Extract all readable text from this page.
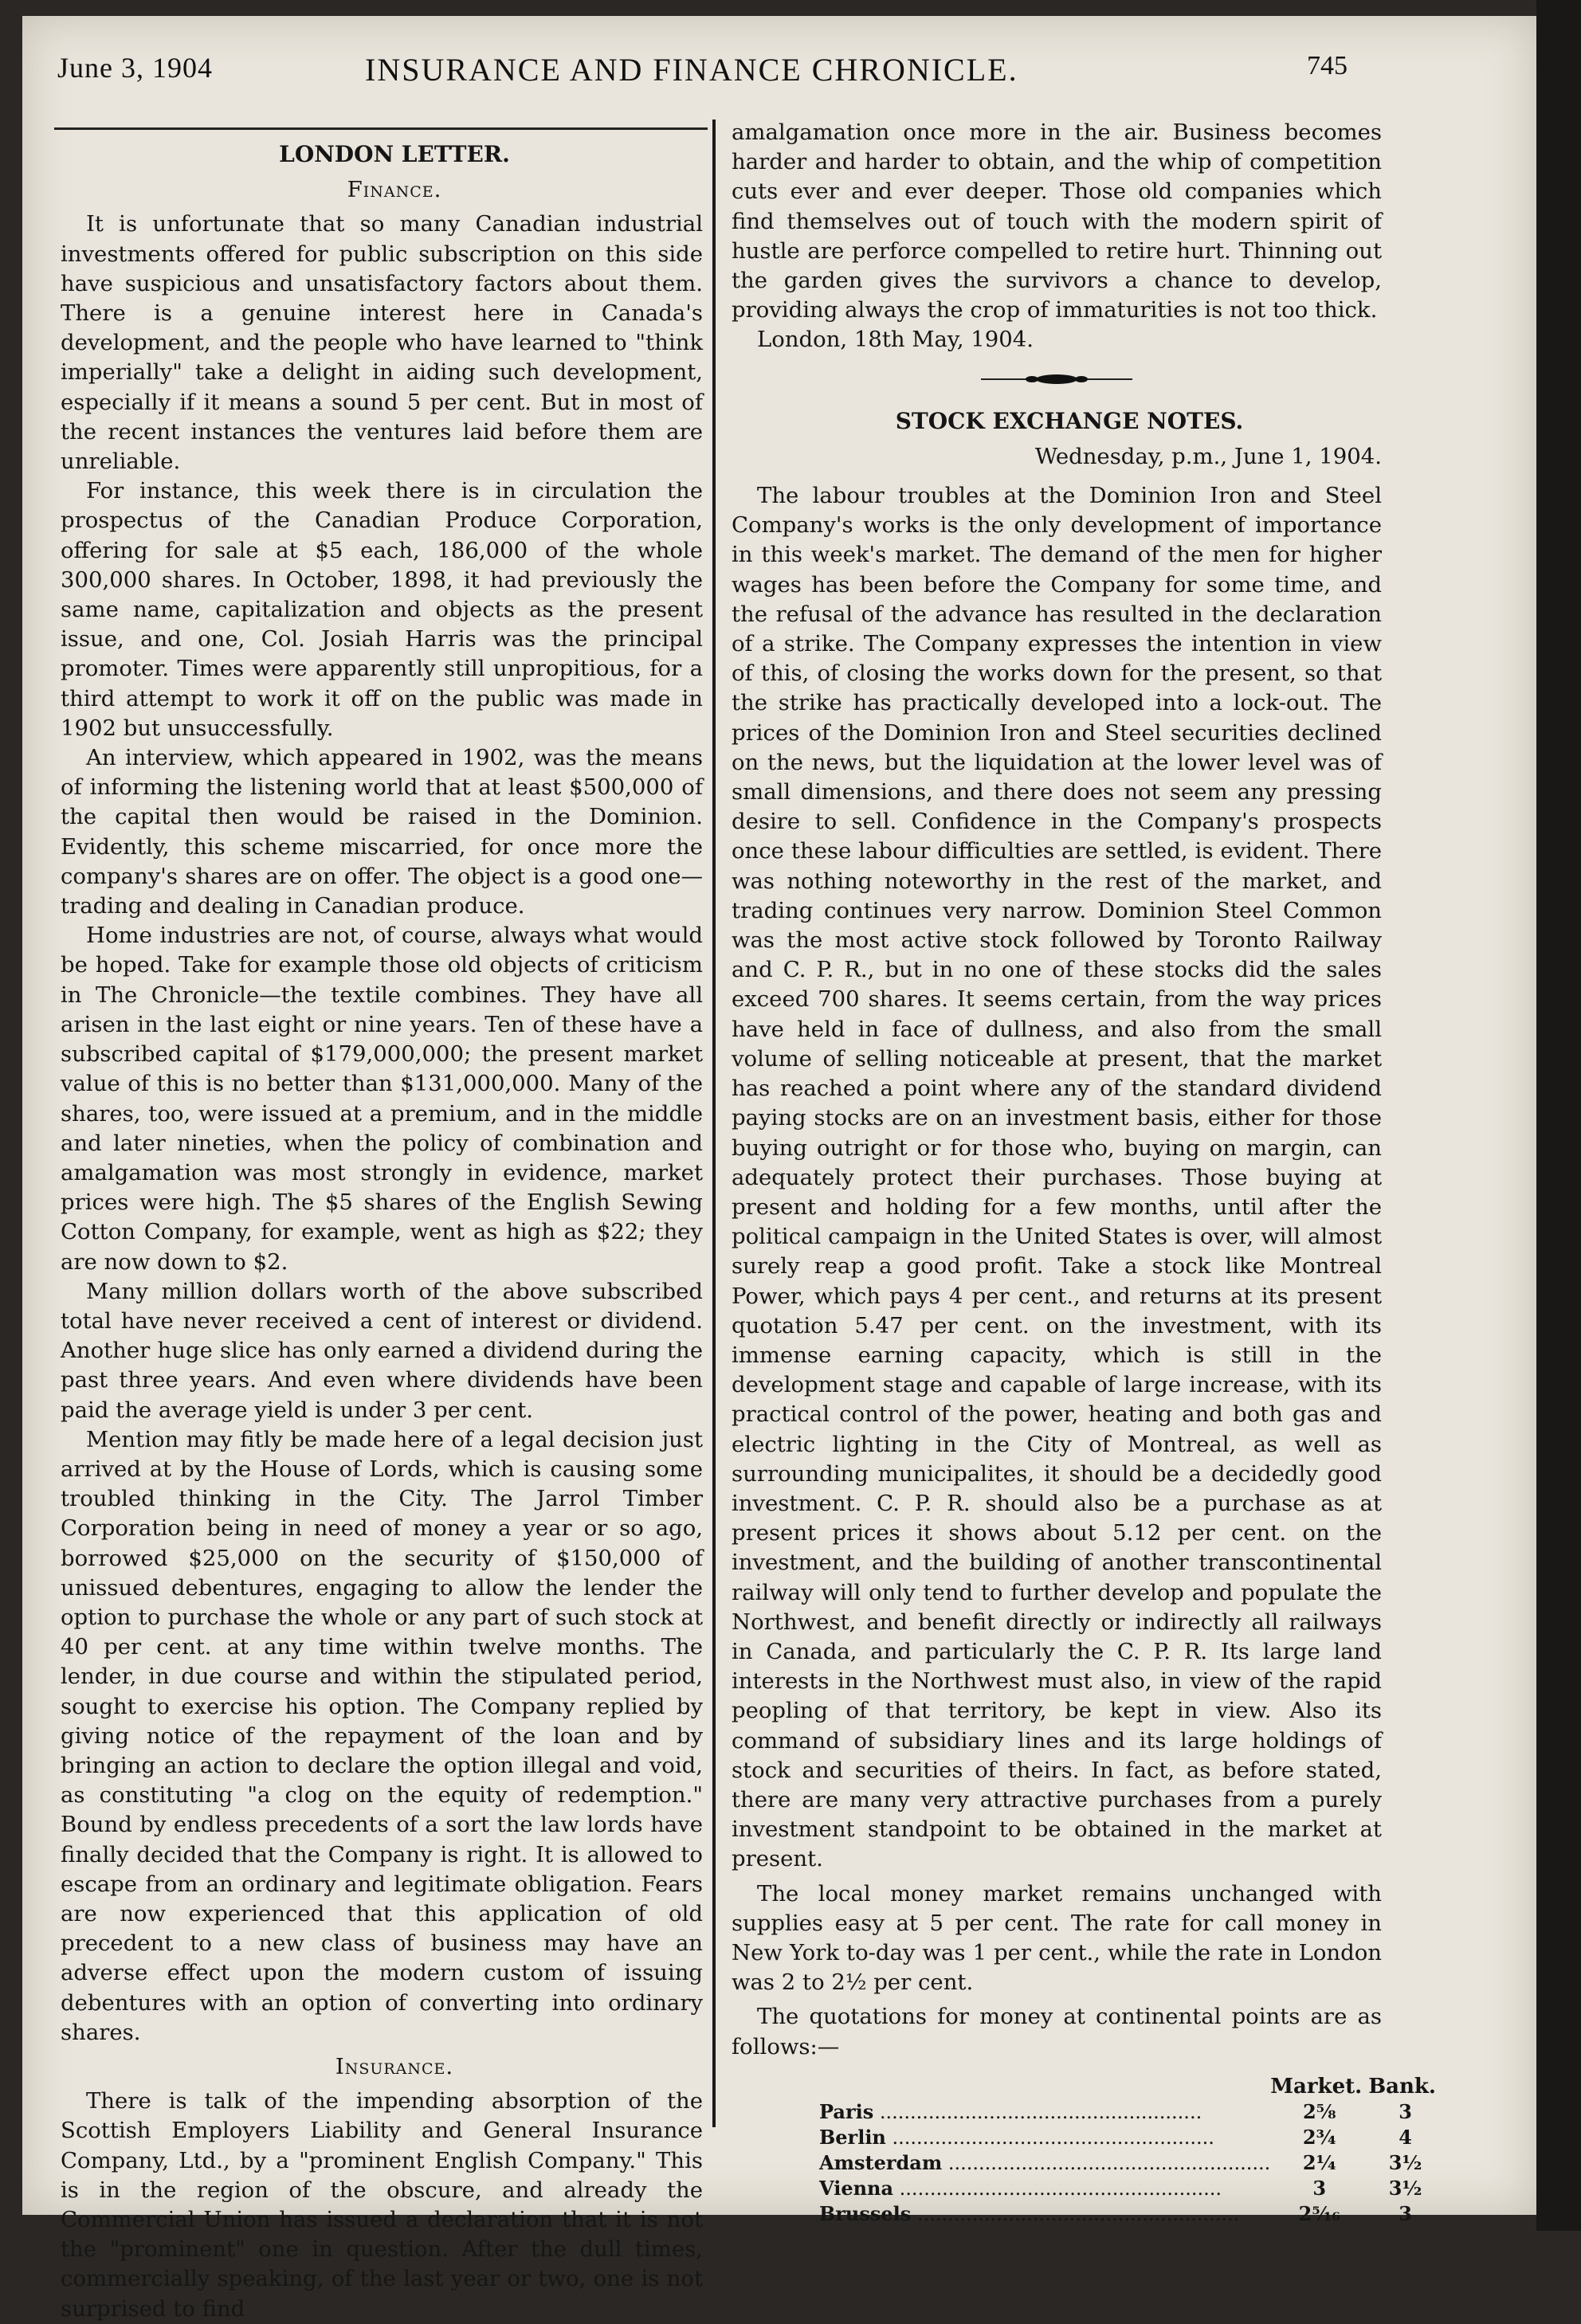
June 3, 1904	INSURANCE AND FINANCE CHRONICLE.	745

LONDON LETTER.

Finance.

It is unfortunate that so many Canadian industrial investments offered for public subscription on this side have suspicious and unsatisfactory factors about them. There is a genuine interest here in Canada's development, and the people who have learned to "think imperially" take a delight in aiding such development, especially if it means a sound 5 per cent. But in most of the recent instances the ventures laid before them are unreliable.

For instance, this week there is in circulation the prospectus of the Canadian Produce Corporation, offering for sale at $5 each, 186,000 of the whole 300,000 shares. In October, 1898, it had previously the same name, capitalization and objects as the present issue, and one, Col. Josiah Harris was the principal promoter. Times were apparently still unpropitious, for a third attempt to work it off on the public was made in 1902 but unsuccessfully.

An interview, which appeared in 1902, was the means of informing the listening world that at least $500,000 of the capital then would be raised in the Dominion. Evidently, this scheme miscarried, for once more the company's shares are on offer. The object is a good one—trading and dealing in Canadian produce.

Home industries are not, of course, always what would be hoped. Take for example those old objects of criticism in The Chronicle—the textile combines. They have all arisen in the last eight or nine years. Ten of these have a subscribed capital of $179,000,000; the present market value of this is no better than $131,000,000. Many of the shares, too, were issued at a premium, and in the middle and later nineties, when the policy of combination and amalgamation was most strongly in evidence, market prices were high. The $5 shares of the English Sewing Cotton Company, for example, went as high as $22; they are now down to $2.

Many million dollars worth of the above subscribed total have never received a cent of interest or dividend. Another huge slice has only earned a dividend during the past three years. And even where dividends have been paid the average yield is under 3 per cent.

Mention may fitly be made here of a legal decision just arrived at by the House of Lords, which is causing some troubled thinking in the City. The Jarrol Timber Corporation being in need of money a year or so ago, borrowed $25,000 on the security of $150,000 of unissued debentures, engaging to allow the lender the option to purchase the whole or any part of such stock at 40 per cent. at any time within twelve months. The lender, in due course and within the stipulated period, sought to exercise his option. The Company replied by giving notice of the repayment of the loan and by bringing an action to declare the option illegal and void, as constituting "a clog on the equity of redemption." Bound by endless precedents of a sort the law lords have finally decided that the Company is right. It is allowed to escape from an ordinary and legitimate obligation. Fears are now experienced that this application of old precedent to a new class of business may have an adverse effect upon the modern custom of issuing debentures with an option of converting into ordinary shares.

Insurance.

There is talk of the impending absorption of the Scottish Employers Liability and General Insurance Company, Ltd., by a "prominent English Company." This is in the region of the obscure, and already the Commercial Union has issued a declaration that it is not the "prominent" one in question. After the dull times, commercially speaking, of the last year or two, one is not surprised to find

amalgamation once more in the air. Business becomes harder and harder to obtain, and the whip of competition cuts ever and ever deeper. Those old companies which find themselves out of touch with the modern spirit of hustle are perforce compelled to retire hurt. Thinning out the garden gives the survivors a chance to develop, providing always the crop of immaturities is not too thick.

London, 18th May, 1904.

STOCK EXCHANGE NOTES.

Wednesday, p.m., June 1, 1904.

The labour troubles at the Dominion Iron and Steel Company's works is the only development of importance in this week's market. The demand of the men for higher wages has been before the Company for some time, and the refusal of the advance has resulted in the declaration of a strike. The Company expresses the intention in view of this, of closing the works down for the present, so that the strike has practically developed into a lock-out. The prices of the Dominion Iron and Steel securities declined on the news, but the liquidation at the lower level was of small dimensions, and there does not seem any pressing desire to sell. Confidence in the Company's prospects once these labour difficulties are settled, is evident. There was nothing noteworthy in the rest of the market, and trading continues very narrow. Dominion Steel Common was the most active stock followed by Toronto Railway and C. P. R., but in no one of these stocks did the sales exceed 700 shares. It seems certain, from the way prices have held in face of dullness, and also from the small volume of selling noticeable at present, that the market has reached a point where any of the standard dividend paying stocks are on an investment basis, either for those buying outright or for those who, buying on margin, can adequately protect their purchases. Those buying at present and holding for a few months, until after the political campaign in the United States is over, will almost surely reap a good profit. Take a stock like Montreal Power, which pays 4 per cent., and returns at its present quotation 5.47 per cent. on the investment, with its immense earning capacity, which is still in the development stage and capable of large increase, with its practical control of the power, heating and both gas and electric lighting in the City of Montreal, as well as surrounding municipalites, it should be a decidedly good investment. C. P. R. should also be a purchase as at present prices it shows about 5.12 per cent. on the investment, and the building of another transcontinental railway will only tend to further develop and populate the Northwest, and benefit directly or indirectly all railways in Canada, and particularly the C. P. R. Its large land interests in the Northwest must also, in view of the rapid peopling of that territory, be kept in view. Also its command of subsidiary lines and its large holdings of stock and securities of theirs. In fact, as before stated, there are many very attractive purchases from a purely investment standpoint to be obtained in the market at present.

The local money market remains unchanged with supplies easy at 5 per cent. The rate for call money in New York to-day was 1 per cent., while the rate in London was 2 to 2½ per cent.

The quotations for money at continental points are as follows:—

	Market.	Bank.
Paris .....	2⅝	3
Berlin .....	2¾	4
Amsterdam .....	2¼	3½
Vienna .....	3	3½
Brussels .....	2⁵⁄₁₆	3
